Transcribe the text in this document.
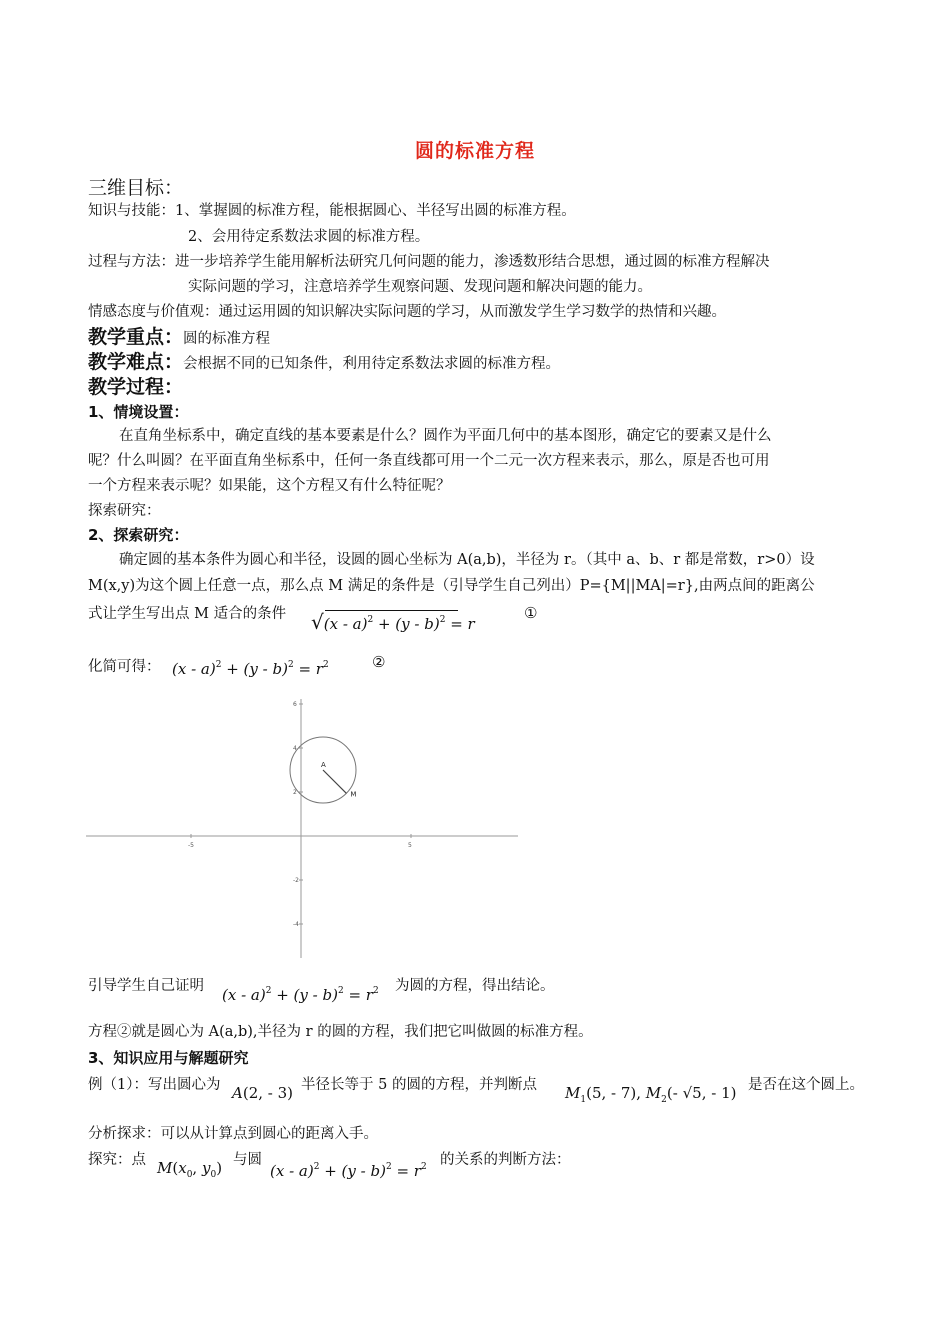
圆的标准方程
三维目标：
知识与技能：1、掌握圆的标准方程，能根据圆心、半径写出圆的标准方程。
2、会用待定系数法求圆的标准方程。
过程与方法：进一步培养学生能用解析法研究几何问题的能力，渗透数形结合思想，通过圆的标准方程解决
实际问题的学习，注意培养学生观察问题、发现问题和解决问题的能力。
情感态度与价值观：通过运用圆的知识解决实际问题的学习，从而激发学生学习数学的热情和兴趣。
教学重点：圆的标准方程
教学难点：会根据不同的已知条件，利用待定系数法求圆的标准方程。
教学过程：
1、情境设置：
在直角坐标系中，确定直线的基本要素是什么？圆作为平面几何中的基本图形，确定它的要素又是什么
呢？什么叫圆？在平面直角坐标系中，任何一条直线都可用一个二元一次方程来表示，那么，原是否也可用
一个方程来表示呢？如果能，这个方程又有什么特征呢？
探索研究：
2、探索研究：
确定圆的基本条件为圆心和半径，设圆的圆心坐标为 A(a,b)，半径为 r。（其中 a、b、r 都是常数，r>0）设
M(x,y)为这个圆上任意一点，那么点 M 满足的条件是（引导学生自己列出）P={M||MA|=r},由两点间的距离公
式让学生写出点 M 适合的条件 √(x - a)$^2$ + (y - b)$^2$ = r
①
化简可得： $(x - a)^2 + (y - b)^2 = r^2$	②
-5	5
6
4
2
-2
-4
A
M
引导学生自己证明 $(x - a)^2 + (y - b)^2 = r^2$ 为圆的方程，得出结论。
方程②就是圆心为 A(a,b),半径为 r 的圆的方程，我们把它叫做圆的标准方程。
3、知识应用与解题研究
例（1）：写出圆心为 A(2, - 3) 半径长等于 5 的圆的方程，并判断点 $M_1(5$, - 7), $M_2(-$ √5, - 1) 是否在这个圆上。
分析探求：可以从计算点到圆心的距离入手。
探究：点 $M(x_0$, $y_0$) 与圆
$(x - a)^2 + (y - b)^2 = r^2$ 的关系的判断方法：
